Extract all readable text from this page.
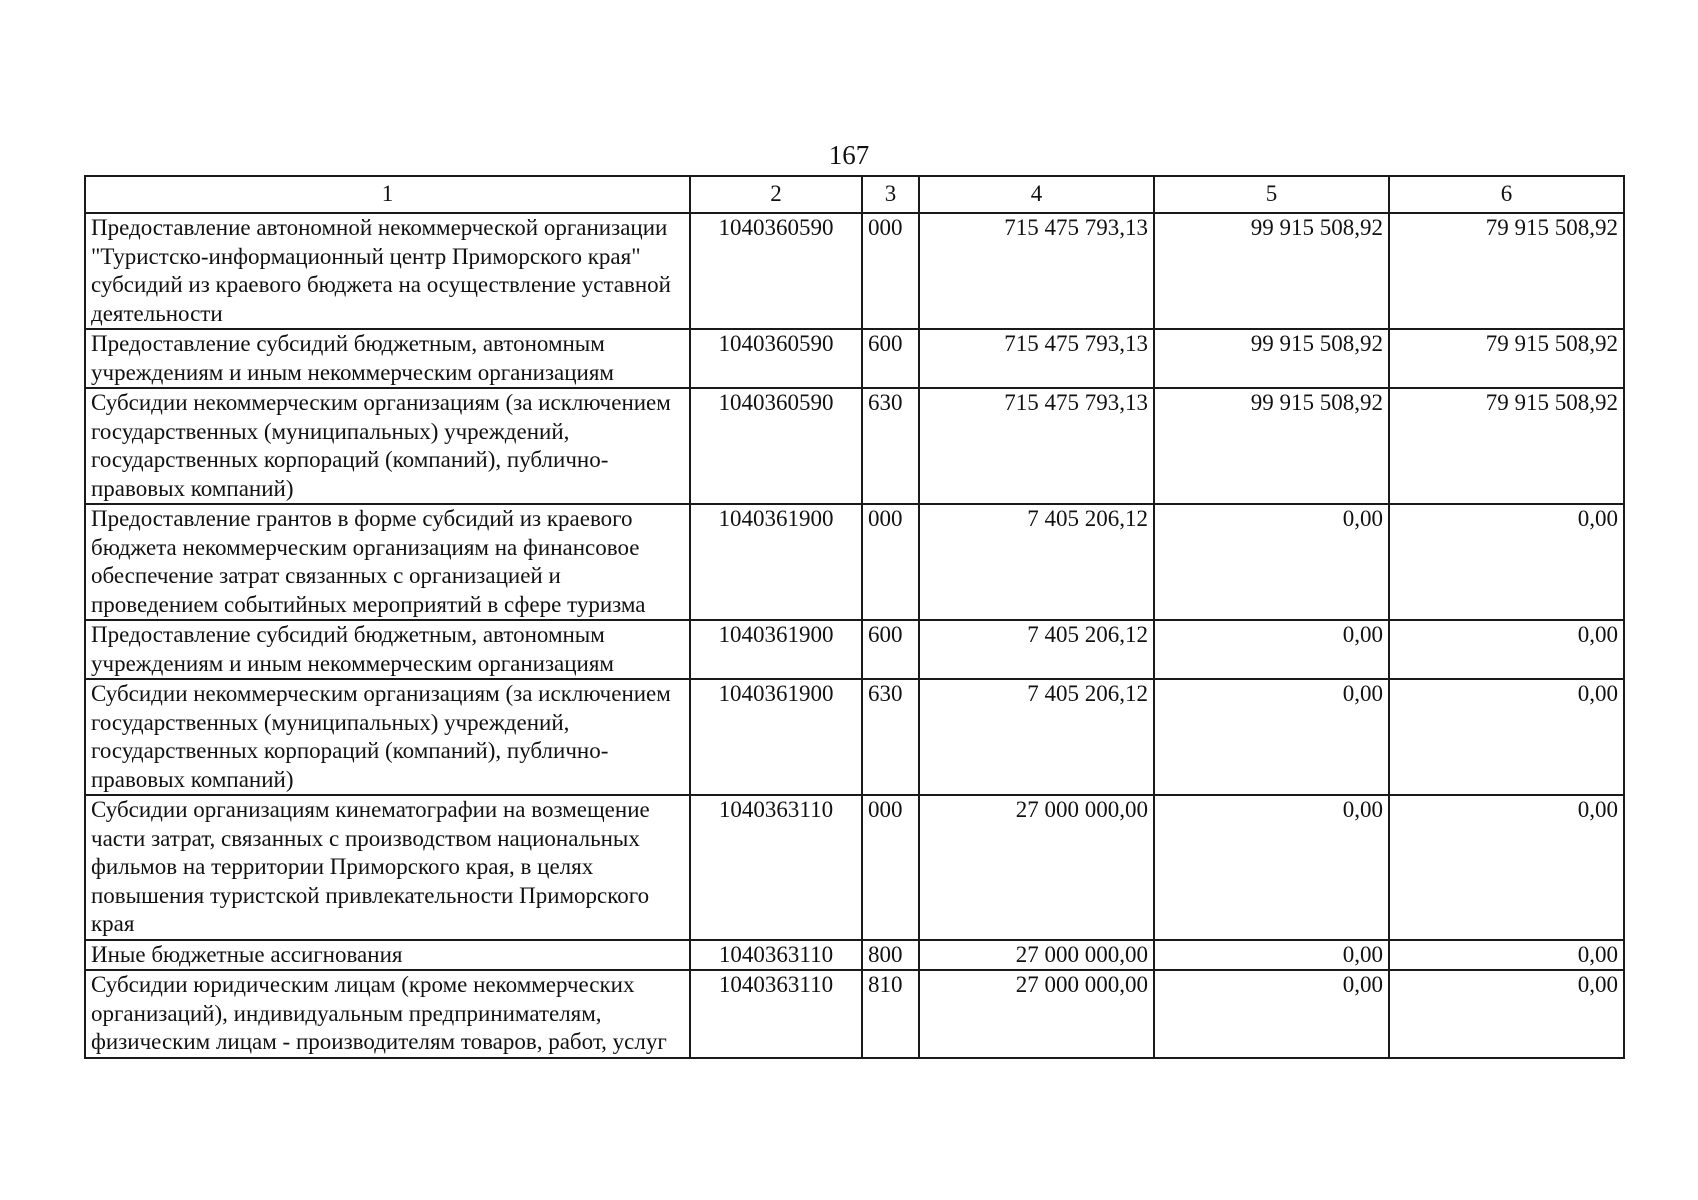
167
1	2	3	4	5	6
Предоставление автономной некоммерческой организации "Туристско-информационный центр Приморского края" субсидий из краевого бюджета на осуществление уставной деятельности	1040360590	000	715 475 793,13	99 915 508,92	79 915 508,92
Предоставление субсидий бюджетным, автономным учреждениям и иным некоммерческим организациям	1040360590	600	715 475 793,13	99 915 508,92	79 915 508,92
Субсидии некоммерческим организациям (за исключением государственных (муниципальных) учреждений, государственных корпораций (компаний), публично-правовых компаний)	1040360590	630	715 475 793,13	99 915 508,92	79 915 508,92
Предоставление грантов в форме субсидий из краевого бюджета некоммерческим организациям на финансовое обеспечение затрат связанных с организацией и проведением событийных мероприятий в сфере туризма	1040361900	000	7 405 206,12	0,00	0,00
Предоставление субсидий бюджетным, автономным учреждениям и иным некоммерческим организациям	1040361900	600	7 405 206,12	0,00	0,00
Субсидии некоммерческим организациям (за исключением государственных (муниципальных) учреждений, государственных корпораций (компаний), публично-правовых компаний)	1040361900	630	7 405 206,12	0,00	0,00
Субсидии организациям кинематографии на возмещение части затрат, связанных с производством национальных фильмов на территории Приморского края, в целях повышения туристской привлекательности Приморского края	1040363110	000	27 000 000,00	0,00	0,00
Иные бюджетные ассигнования	1040363110	800	27 000 000,00	0,00	0,00
Субсидии юридическим лицам (кроме некоммерческих организаций), индивидуальным предпринимателям, физическим лицам - производителям товаров, работ, услуг	1040363110	810	27 000 000,00	0,00	0,00
